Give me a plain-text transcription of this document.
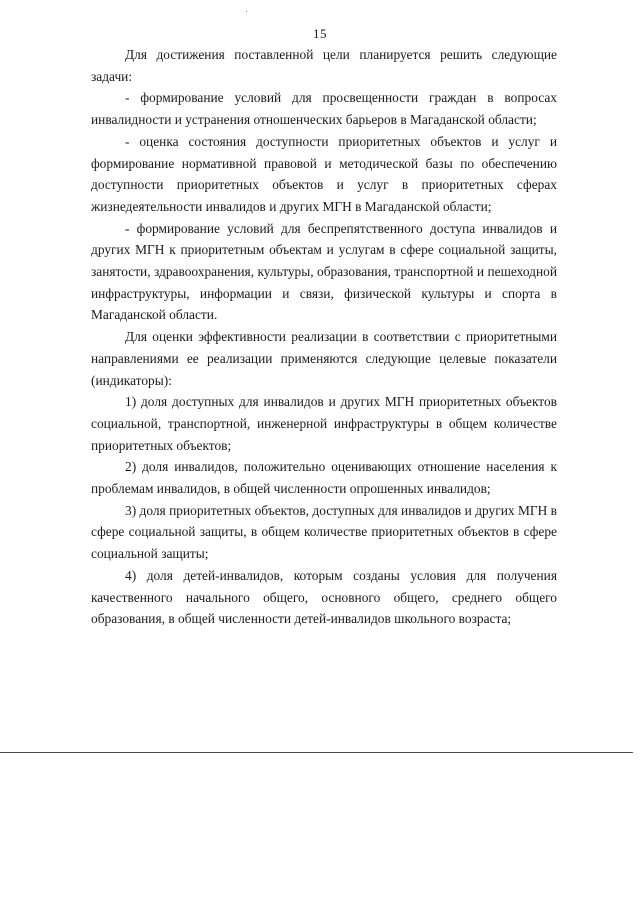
15

Для достижения поставленной цели планируется решить следующие задачи:

- формирование условий для просвещенности граждан в вопросах инвалидности и устранения отношенческих барьеров в Магаданской области;

- оценка состояния доступности приоритетных объектов и услуг и формирование нормативной правовой и методической базы по обеспечению доступности приоритетных объектов и услуг в приоритетных сферах жизнедеятельности инвалидов и других МГН в Магаданской области;

- формирование условий для беспрепятственного доступа инвалидов и других МГН к приоритетным объектам и услугам в сфере социальной защиты, занятости, здравоохранения, культуры, образования, транспортной и пешеходной инфраструктуры, информации и связи, физической культуры и спорта в Магаданской области.

Для оценки эффективности реализации в соответствии с приоритетными направлениями ее реализации применяются следующие целевые показатели (индикаторы):

1) доля доступных для инвалидов и других МГН приоритетных объектов социальной, транспортной, инженерной инфраструктуры в общем количестве приоритетных объектов;

2) доля инвалидов, положительно оценивающих отношение населения к проблемам инвалидов, в общей численности опрошенных инвалидов;

3) доля приоритетных объектов, доступных для инвалидов и других МГН в сфере социальной защиты, в общем количестве приоритетных объектов в сфере социальной защиты;

4) доля детей-инвалидов, которым созданы условия для получения качественного начального общего, основного общего, среднего общего образования, в общей численности детей-инвалидов школьного возраста;
